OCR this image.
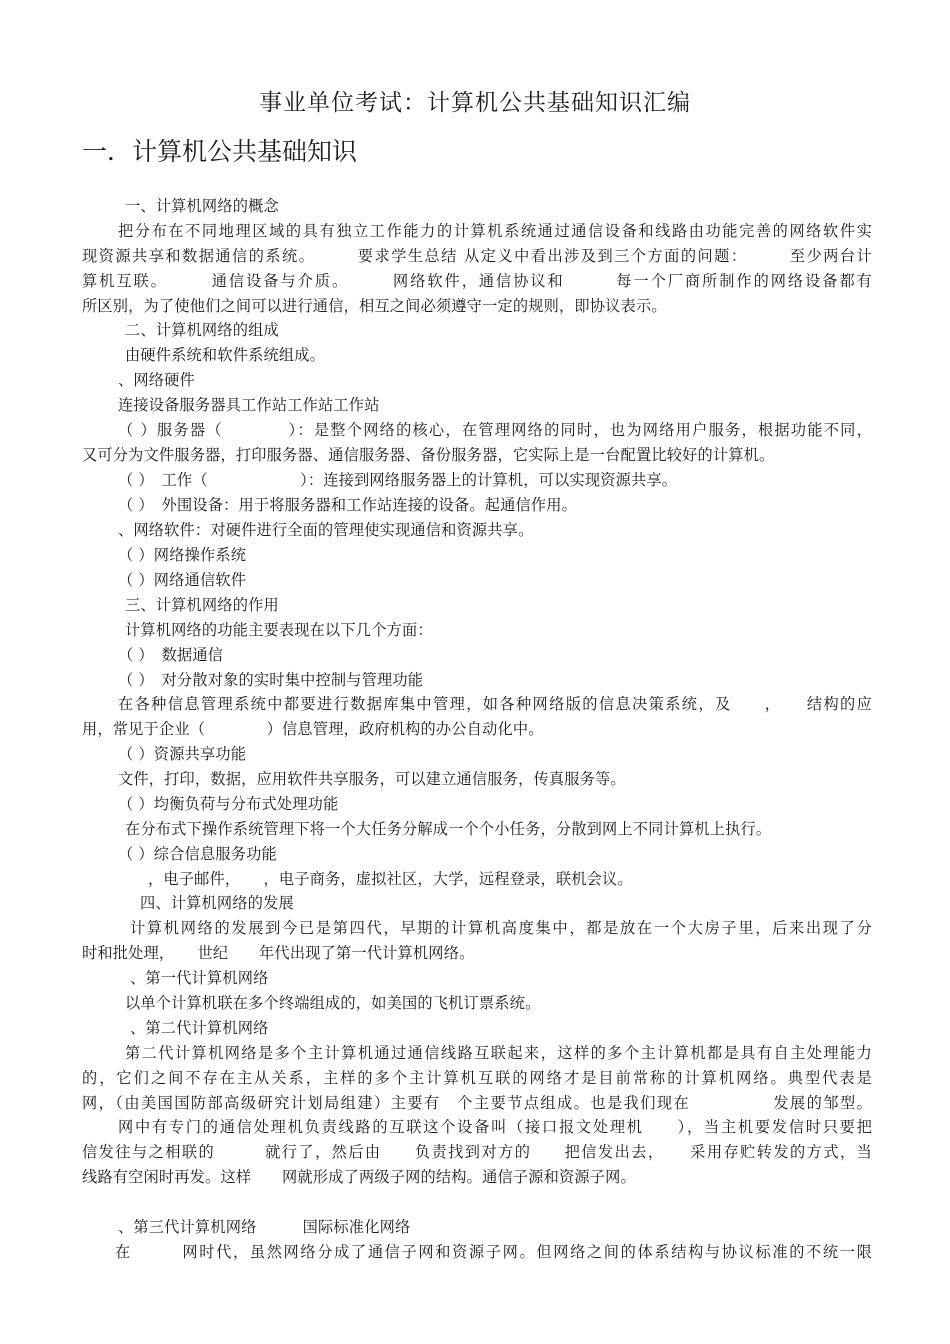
事业单位考试：计算机公共基础知识汇编
一．计算机公共基础知识
一、计算机网络的概念
把分布在不同地理区域的具有独立工作能力的计算机系统通过通信设备和线路由功能完善的网络软件实
现资源共享和数据通信的系统。　　　要求学生总结 从定义中看出涉及到三个方面的问题：　　　至少两台计
算机互联。　　　通信设备与介质。　　　网络软件，通信协议和　　　每一个厂商所制作的网络设备都有
所区别，为了使他们之间可以进行通信，相互之间必须遵守一定的规则，即协议表示。
二、计算机网络的组成
由硬件系统和软件系统组成。
、网络硬件
连接设备服务器具工作站工作站工作站
（ ）服务器（　　　　）：是整个网络的核心，在管理网络的同时，也为网络用户服务，根据功能不同，
又可分为文件服务器，打印服务器、通信服务器、备份服务器，它实际上是一台配置比较好的计算机。
（ ）　工作（　　　　　　）：连接到网络服务器上的计算机，可以实现资源共享。
（ ）　外围设备：用于将服务器和工作站连接的设备。起通信作用。
、网络软件：对硬件进行全面的管理使实现通信和资源共享。
（ ）网络操作系统
（ ）网络通信软件
三、计算机网络的作用
计算机网络的功能主要表现在以下几个方面：
（ ）　数据通信
（ ）　对分散对象的实时集中控制与管理功能
在各种信息管理系统中都要进行数据库集中管理，如各种网络版的信息决策系统，及　　，　　结构的应
用，常见于企业（　　　　）信息管理，政府机构的办公自动化中。
（ ）资源共享功能
文件，打印，数据，应用软件共享服务，可以建立通信服务，传真服务等。
（ ）均衡负荷与分布式处理功能
在分布式下操作系统管理下将一个大任务分解成一个个小任务，分散到网上不同计算机上执行。
（ ）综合信息服务功能
，电子邮件，　　，电子商务，虚拟社区，大学，远程登录，联机会议。
四、计算机网络的发展
计算机网络的发展到今已是第四代，早期的计算机高度集中，都是放在一个大房子里，后来出现了分
时和批处理，　　世纪　　年代出现了第一代计算机网络。
、第一代计算机网络
以单个计算机联在多个终端组成的，如美国的飞机订票系统。
、第二代计算机网络
第二代计算机网络是多个主计算机通过通信线路互联起来，这样的多个主计算机都是具有自主处理能力
的，它们之间不存在主从关系，主样的多个主计算机互联的网络才是目前常称的计算机网络。典型代表是
网，（由美国国防部高级研究计划局组建）主要有　个主要节点组成。也是我们现在　　　　　发展的邹型。
网中有专门的通信处理机负责线路的互联这个设备叫（接口报文处理机　　），当主机要发信时只要把
信发往与之相联的　　　就行了，然后由　　负责找到对方的　　把信发出去，　　采用存贮转发的方式，当
线路有空闲时再发。这样　　网就形成了两级子网的结构。通信子源和资源子网。
、第三代计算机网络　　　国际标准化网络
在　　　网时代，虽然网络分成了通信子网和资源子网。但网络之间的体系结构与协议标准的不统一限
